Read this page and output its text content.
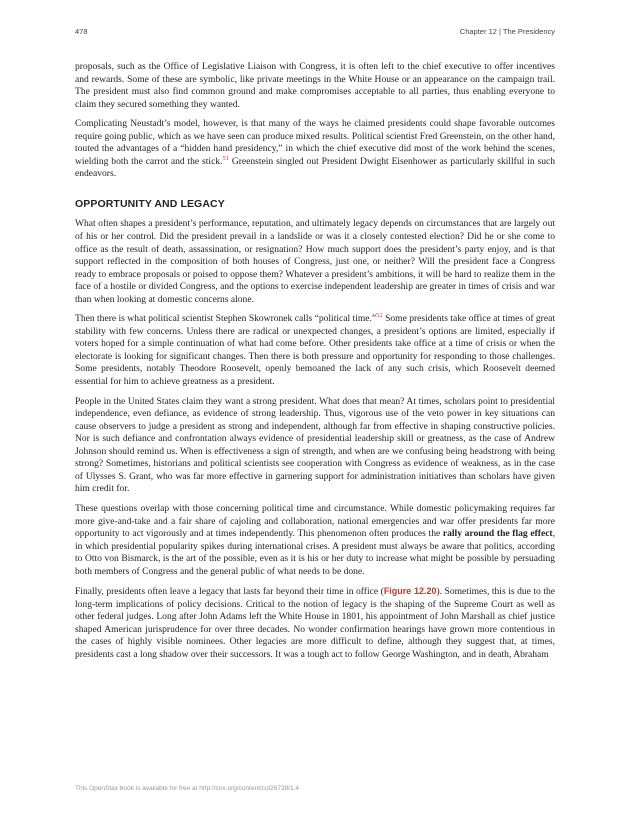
478	Chapter 12 | The Presidency

proposals, such as the Office of Legislative Liaison with Congress, it is often left to the chief executive to offer incentives and rewards. Some of these are symbolic, like private meetings in the White House or an appearance on the campaign trail. The president must also find common ground and make compromises acceptable to all parties, thus enabling everyone to claim they secured something they wanted.

Complicating Neustadt’s model, however, is that many of the ways he claimed presidents could shape favorable outcomes require going public, which as we have seen can produce mixed results. Political scientist Fred Greenstein, on the other hand, touted the advantages of a “hidden hand presidency,” in which the chief executive did most of the work behind the scenes, wielding both the carrot and the stick.$^{51}$ Greenstein singled out President Dwight Eisenhower as particularly skillful in such endeavors.

OPPORTUNITY AND LEGACY

What often shapes a president’s performance, reputation, and ultimately legacy depends on circumstances that are largely out of his or her control. Did the president prevail in a landslide or was it a closely contested election? Did he or she come to office as the result of death, assassination, or resignation? How much support does the president’s party enjoy, and is that support reflected in the composition of both houses of Congress, just one, or neither? Will the president face a Congress ready to embrace proposals or poised to oppose them? Whatever a president’s ambitions, it will be hard to realize them in the face of a hostile or divided Congress, and the options to exercise independent leadership are greater in times of crisis and war than when looking at domestic concerns alone.

Then there is what political scientist Stephen Skowronek calls “political time.”$^{52}$ Some presidents take office at times of great stability with few concerns. Unless there are radical or unexpected changes, a president’s options are limited, especially if voters hoped for a simple continuation of what had come before. Other presidents take office at a time of crisis or when the electorate is looking for significant changes. Then there is both pressure and opportunity for responding to those challenges. Some presidents, notably Theodore Roosevelt, openly bemoaned the lack of any such crisis, which Roosevelt deemed essential for him to achieve greatness as a president.

People in the United States claim they want a strong president. What does that mean? At times, scholars point to presidential independence, even defiance, as evidence of strong leadership. Thus, vigorous use of the veto power in key situations can cause observers to judge a president as strong and independent, although far from effective in shaping constructive policies. Nor is such defiance and confrontation always evidence of presidential leadership skill or greatness, as the case of Andrew Johnson should remind us. When is effectiveness a sign of strength, and when are we confusing being headstrong with being strong? Sometimes, historians and political scientists see cooperation with Congress as evidence of weakness, as in the case of Ulysses S. Grant, who was far more effective in garnering support for administration initiatives than scholars have given him credit for.

These questions overlap with those concerning political time and circumstance. While domestic policymaking requires far more give-and-take and a fair share of cajoling and collaboration, national emergencies and war offer presidents far more opportunity to act vigorously and at times independently. This phenomenon often produces the rally around the flag effect, in which presidential popularity spikes during international crises. A president must always be aware that politics, according to Otto von Bismarck, is the art of the possible, even as it is his or her duty to increase what might be possible by persuading both members of Congress and the general public of what needs to be done.

Finally, presidents often leave a legacy that lasts far beyond their time in office (Figure 12.20). Sometimes, this is due to the long-term implications of policy decisions. Critical to the notion of legacy is the shaping of the Supreme Court as well as other federal judges. Long after John Adams left the White House in 1801, his appointment of John Marshall as chief justice shaped American jurisprudence for over three decades. No wonder confirmation hearings have grown more contentious in the cases of highly visible nominees. Other legacies are more difficult to define, although they suggest that, at times, presidents cast a long shadow over their successors. It was a tough act to follow George Washington, and in death, Abraham

This OpenStax book is available for free at http://cnx.org/content/col26739/1.4
